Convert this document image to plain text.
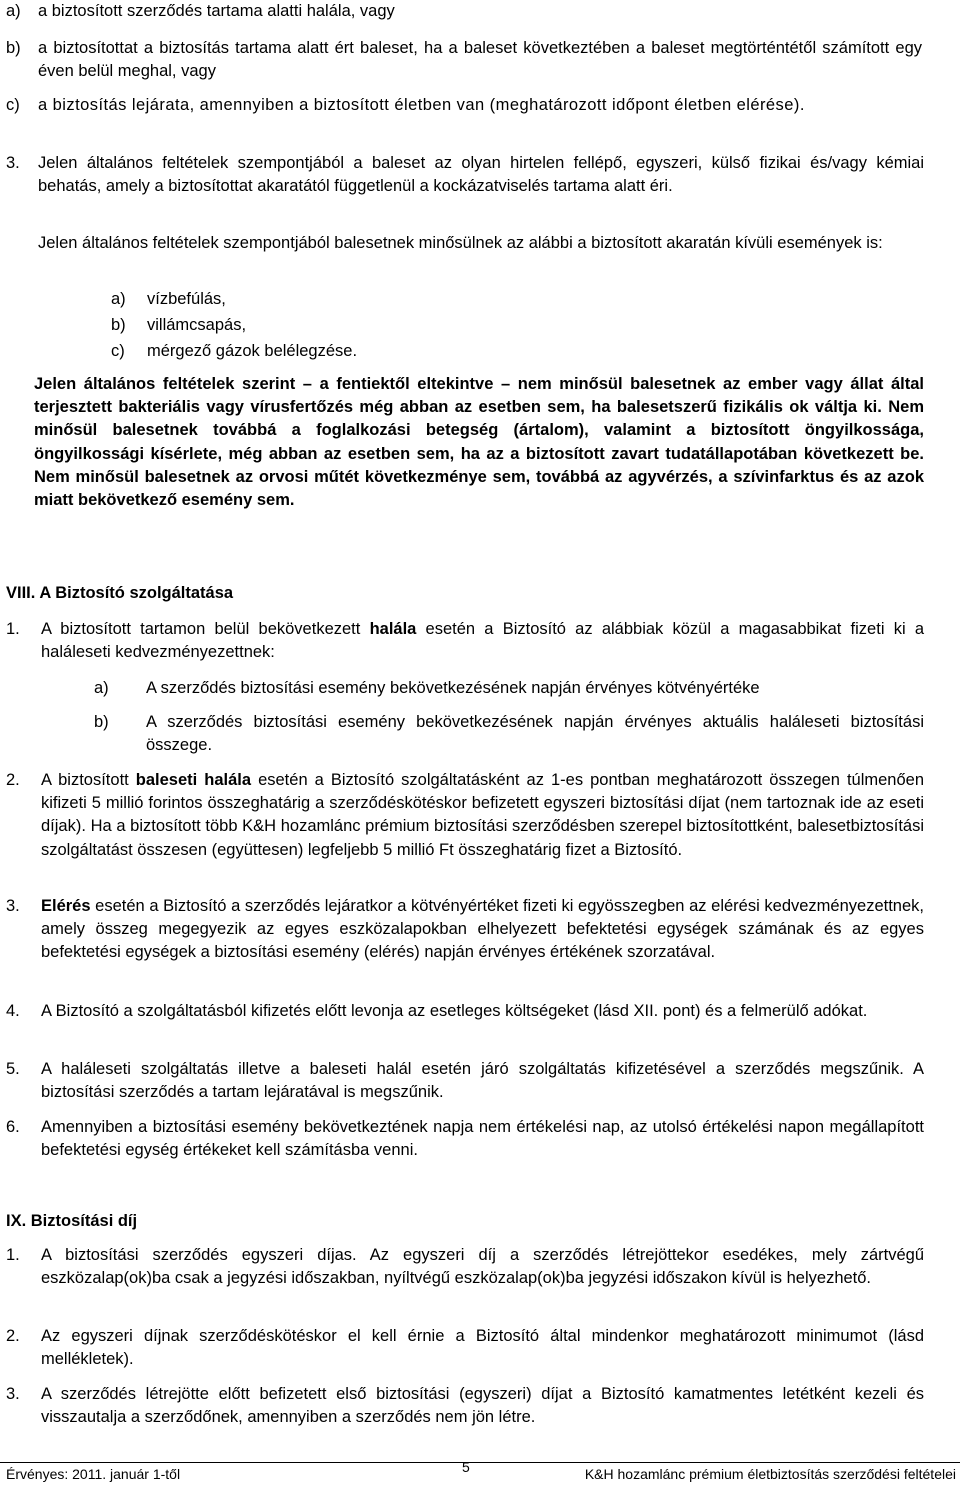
a) a biztosított szerződés tartama alatti halála, vagy

b) a biztosítottat a biztosítás tartama alatt ért baleset, ha a baleset következtében a baleset megtörténtétől számított egy éven belül meghal, vagy

c) a biztosítás lejárata, amennyiben a biztosított életben van (meghatározott időpont életben elérése).

3. Jelen általános feltételek szempontjából a baleset az olyan hirtelen fellépő, egyszeri, külső fizikai és/vagy kémiai behatás, amely a biztosítottat akaratától függetlenül a kockázatviselés tartama alatt éri.

Jelen általános feltételek szempontjából balesetnek minősülnek az alábbi a biztosított akaratán kívüli események is:

a) vízbefúlás,
b) villámcsapás,
c) mérgező gázok belélegzése.

Jelen általános feltételek szerint – a fentiektől eltekintve – nem minősül balesetnek az ember vagy állat által terjesztett bakteriális vagy vírusfertőzés még abban az esetben sem, ha balesetszerű fizikális ok váltja ki. Nem minősül balesetnek továbbá a foglalkozási betegség (ártalom), valamint a biztosított öngyilkossága, öngyilkossági kísérlete, még abban az esetben sem, ha az a biztosított zavart tudatállapotában következett be. Nem minősül balesetnek az orvosi műtét következménye sem, továbbá az agyvérzés, a szívinfarktus és az azok miatt bekövetkező esemény sem.

VIII. A Biztosító szolgáltatása
1. A biztosított tartamon belül bekövetkezett halála esetén a Biztosító az alábbiak közül a magasabbikat fizeti ki a haláleseti kedvezményezettnek:

a) A szerződés biztosítási esemény bekövetkezésének napján érvényes kötvényértéke

b) A szerződés biztosítási esemény bekövetkezésének napján érvényes aktuális haláleseti biztosítási összege.

2. A biztosított baleseti halála esetén a Biztosító szolgáltatásként az 1-es pontban meghatározott összegen túlmenően kifizeti 5 millió forintos összeghatárig a szerződéskötéskor befizetett egyszeri biztosítási díjat (nem tartoznak ide az eseti díjak). Ha a biztosított több K&H hozamlánc prémium biztosítási szerződésben szerepel biztosítottként, balesetbiztosítási szolgáltatást összesen (együttesen) legfeljebb 5 millió Ft összeghatárig fizet a Biztosító.

3. Elérés esetén a Biztosító a szerződés lejáratkor a kötvényértéket fizeti ki egyösszegben az elérési kedvezményezettnek, amely összeg megegyezik az egyes eszközalapokban elhelyezett befektetési egységek számának és az egyes befektetési egységek a biztosítási esemény (elérés) napján érvényes értékének szorzatával.

4. A Biztosító a szolgáltatásból kifizetés előtt levonja az esetleges költségeket (lásd XII. pont) és a felmerülő adókat.

5. A haláleseti szolgáltatás illetve a baleseti halál esetén járó szolgáltatás kifizetésével a szerződés megszűnik. A biztosítási szerződés a tartam lejáratával is megszűnik.

6. Amennyiben a biztosítási esemény bekövetkeztének napja nem értékelési nap, az utolsó értékelési napon megállapított befektetési egység értékeket kell számításba venni.

IX. Biztosítási díj
1. A biztosítási szerződés egyszeri díjas. Az egyszeri díj a szerződés létrejöttekor esedékes, mely zártvégű eszközalap(ok)ba csak a jegyzési időszakban, nyíltvégű eszközalap(ok)ba jegyzési időszakon kívül is helyezhető.

2. Az egyszeri díjnak szerződéskötéskor el kell érnie a Biztosító által mindenkor meghatározott minimumot (lásd mellékletek).

3. A szerződés létrejötte előtt befizetett első biztosítási (egyszeri) díjat a Biztosító kamatmentes letétként kezeli és visszautalja a szerződőnek, amennyiben a szerződés nem jön létre.

Érvényes: 2011. január 1-től	5	K&H hozamlánc prémium életbiztosítás szerződési feltételei
